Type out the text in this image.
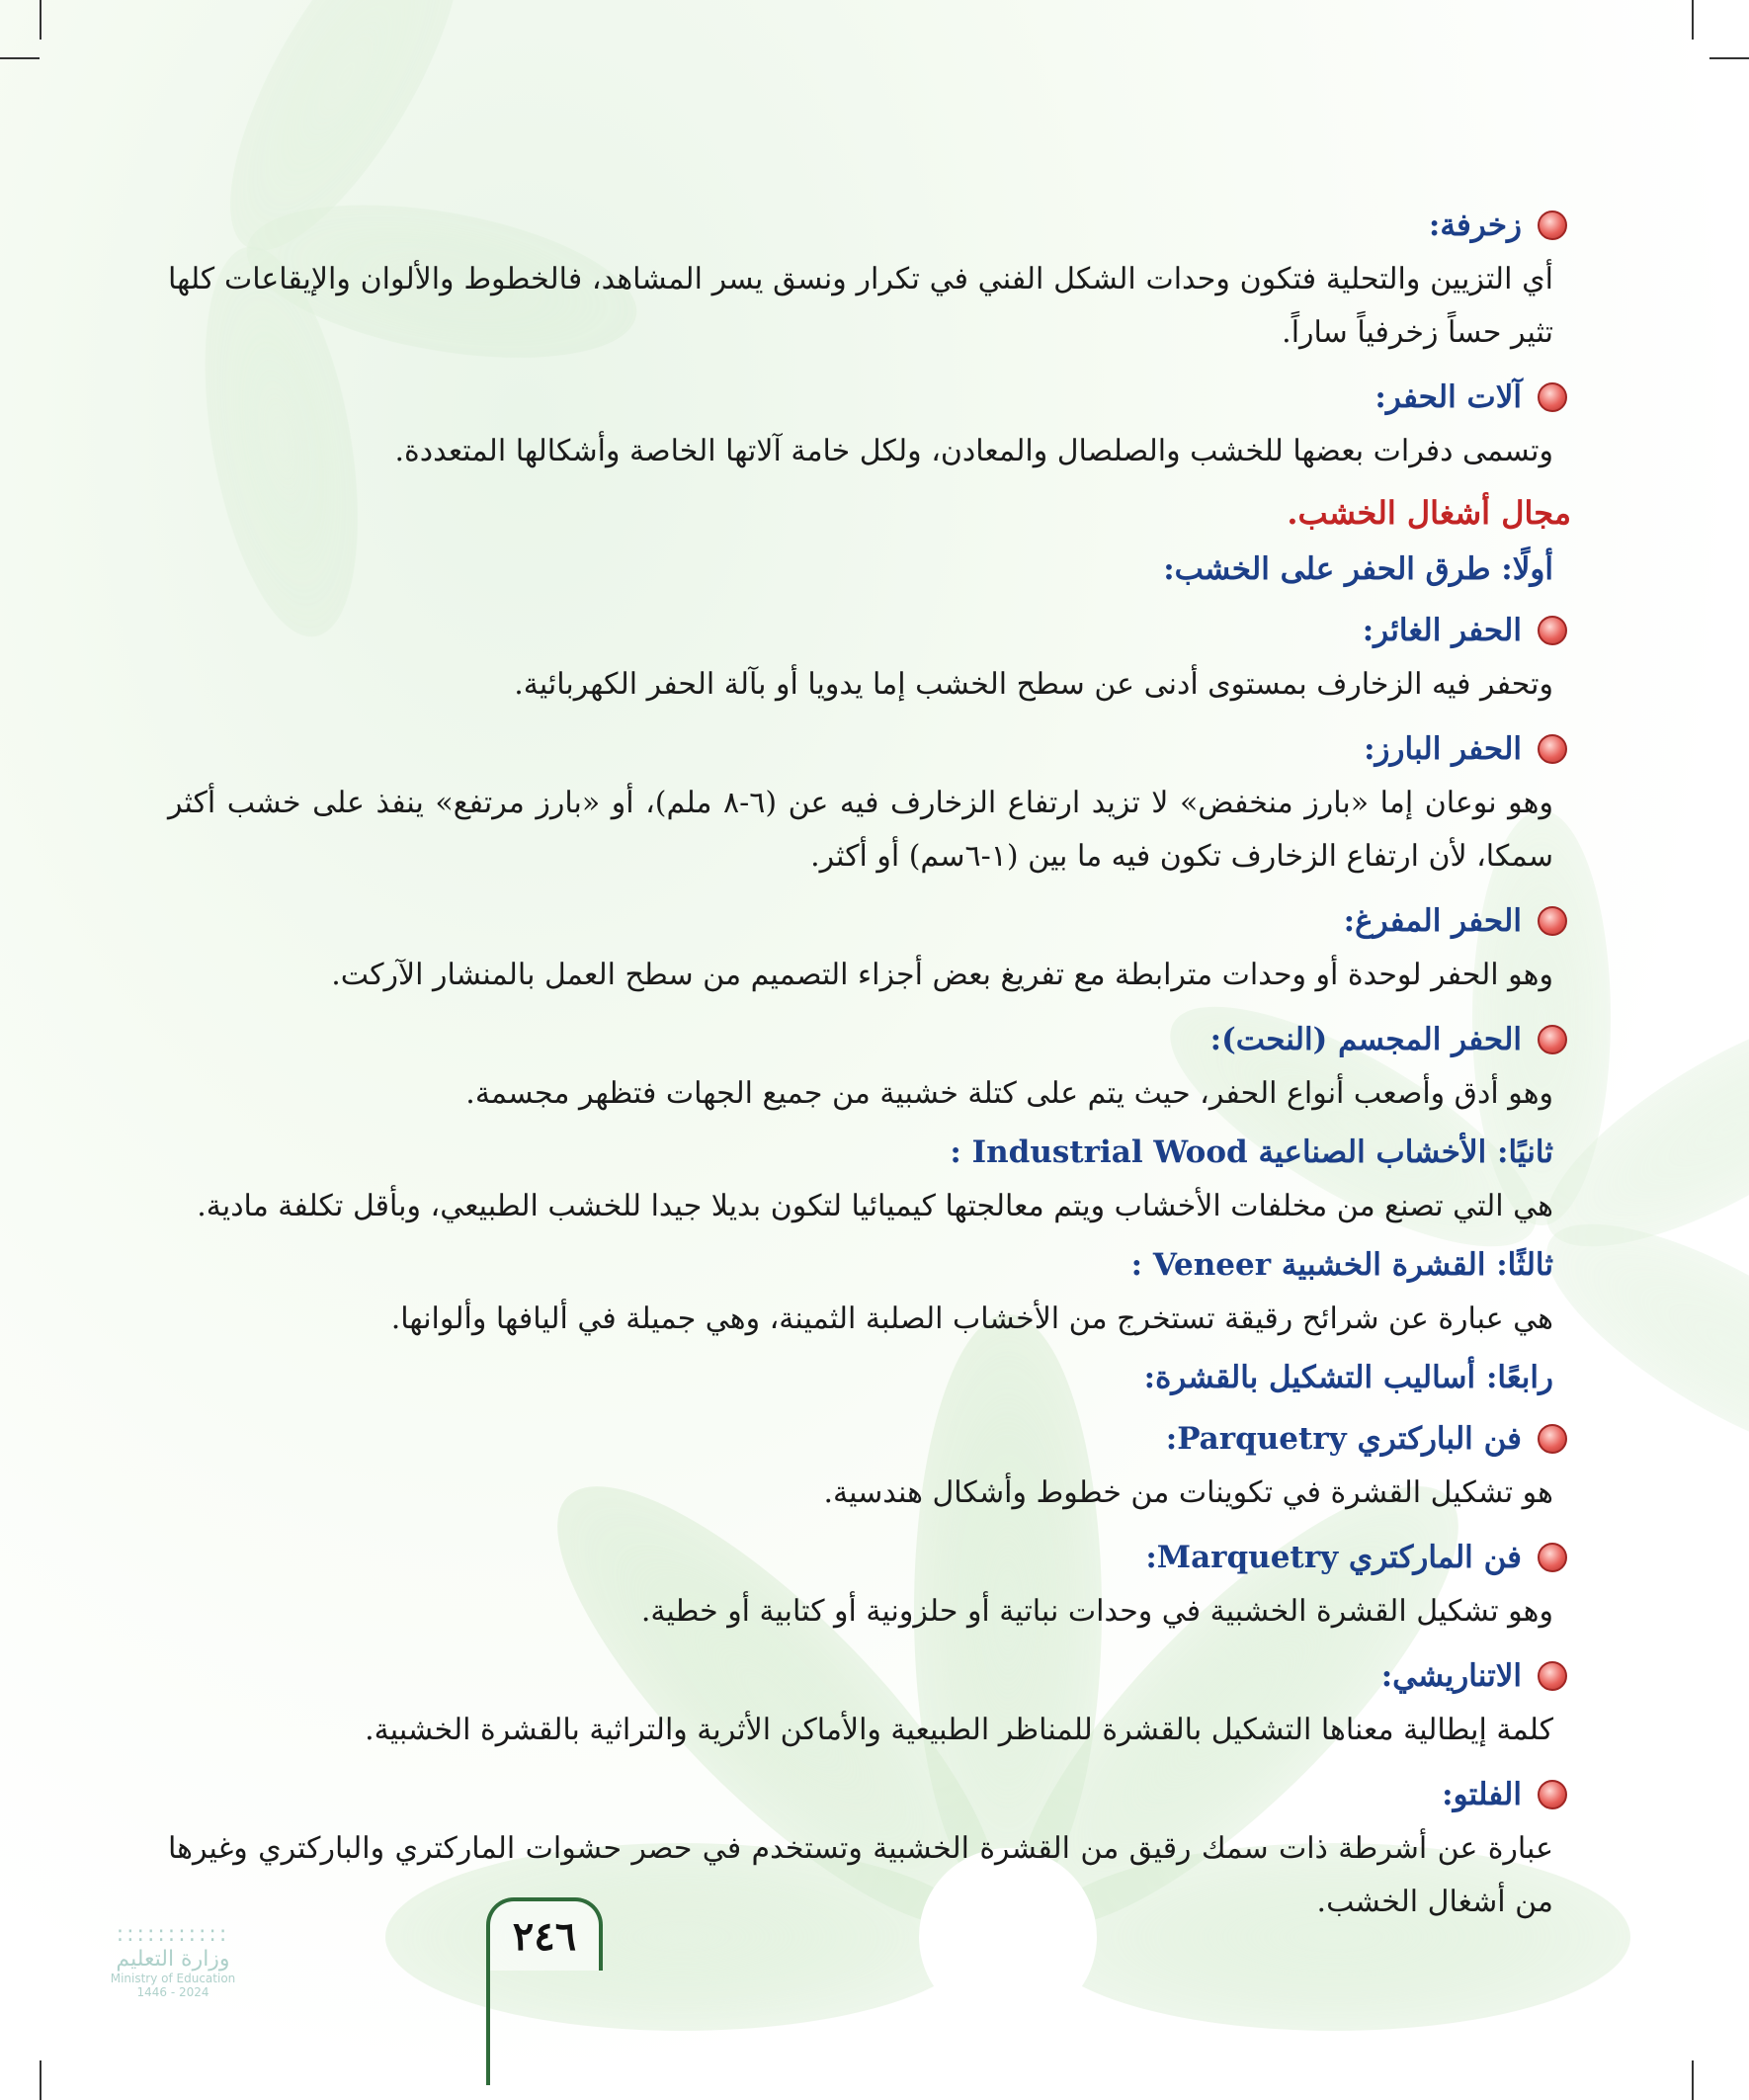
زخرفة:

أي التزيين والتحلية فتكون وحدات الشكل الفني في تكرار ونسق يسر المشاهد، فالخطوط والألوان والإيقاعات كلها تثير حساً زخرفياً ساراً.

آلات الحفر:

وتسمى دفرات بعضها للخشب والصلصال والمعادن، ولكل خامة آلاتها الخاصة وأشكالها المتعددة.

مجال أشغال الخشب.
أولًا: طرق الحفر على الخشب:
الحفر الغائر:

وتحفر فيه الزخارف بمستوى أدنى عن سطح الخشب إما يدويا أو بآلة الحفر الكهربائية.

الحفر البارز:

وهو نوعان إما «بارز منخفض» لا تزيد ارتفاع الزخارف فيه عن (٦-٨ ملم)، أو «بارز مرتفع» ينفذ على خشب أكثر سمكا، لأن ارتفاع الزخارف تكون فيه ما بين (١-٦سم) أو أكثر.

الحفر المفرغ:

وهو الحفر لوحدة أو وحدات مترابطة مع تفريغ بعض أجزاء التصميم من سطح العمل بالمنشار الآركت.

الحفر المجسم (النحت):

وهو أدق وأصعب أنواع الحفر، حيث يتم على كتلة خشبية من جميع الجهات فتظهر مجسمة.

ثانيًا: الأخشاب الصناعية Industrial Wood :

هي التي تصنع من مخلفات الأخشاب ويتم معالجتها كيميائيا لتكون بديلا جيدا للخشب الطبيعي، وبأقل تكلفة مادية.

ثالثًا: القشرة الخشبية Veneer :

هي عبارة عن شرائح رقيقة تستخرج من الأخشاب الصلبة الثمينة، وهي جميلة في أليافها وألوانها.

رابعًا: أساليب التشكيل بالقشرة:
فن الباركتري Parquetry:

هو تشكيل القشرة في تكوينات من خطوط وأشكال هندسية.

فن الماركتري Marquetry:

وهو تشكيل القشرة الخشبية في وحدات نباتية أو حلزونية أو كتابية أو خطية.

الاتناريشي:

كلمة إيطالية معناها التشكيل بالقشرة للمناظر الطبيعية والأماكن الأثرية والتراثية بالقشرة الخشبية.

الفلتو:

عبارة عن أشرطة ذات سمك رقيق من القشرة الخشبية وتستخدم في حصر حشوات الماركتري والباركتري وغيرها من أشغال الخشب.

:::::::::::
وزارة التعليم
Ministry of Education
2024 - 1446
٢٤٦
